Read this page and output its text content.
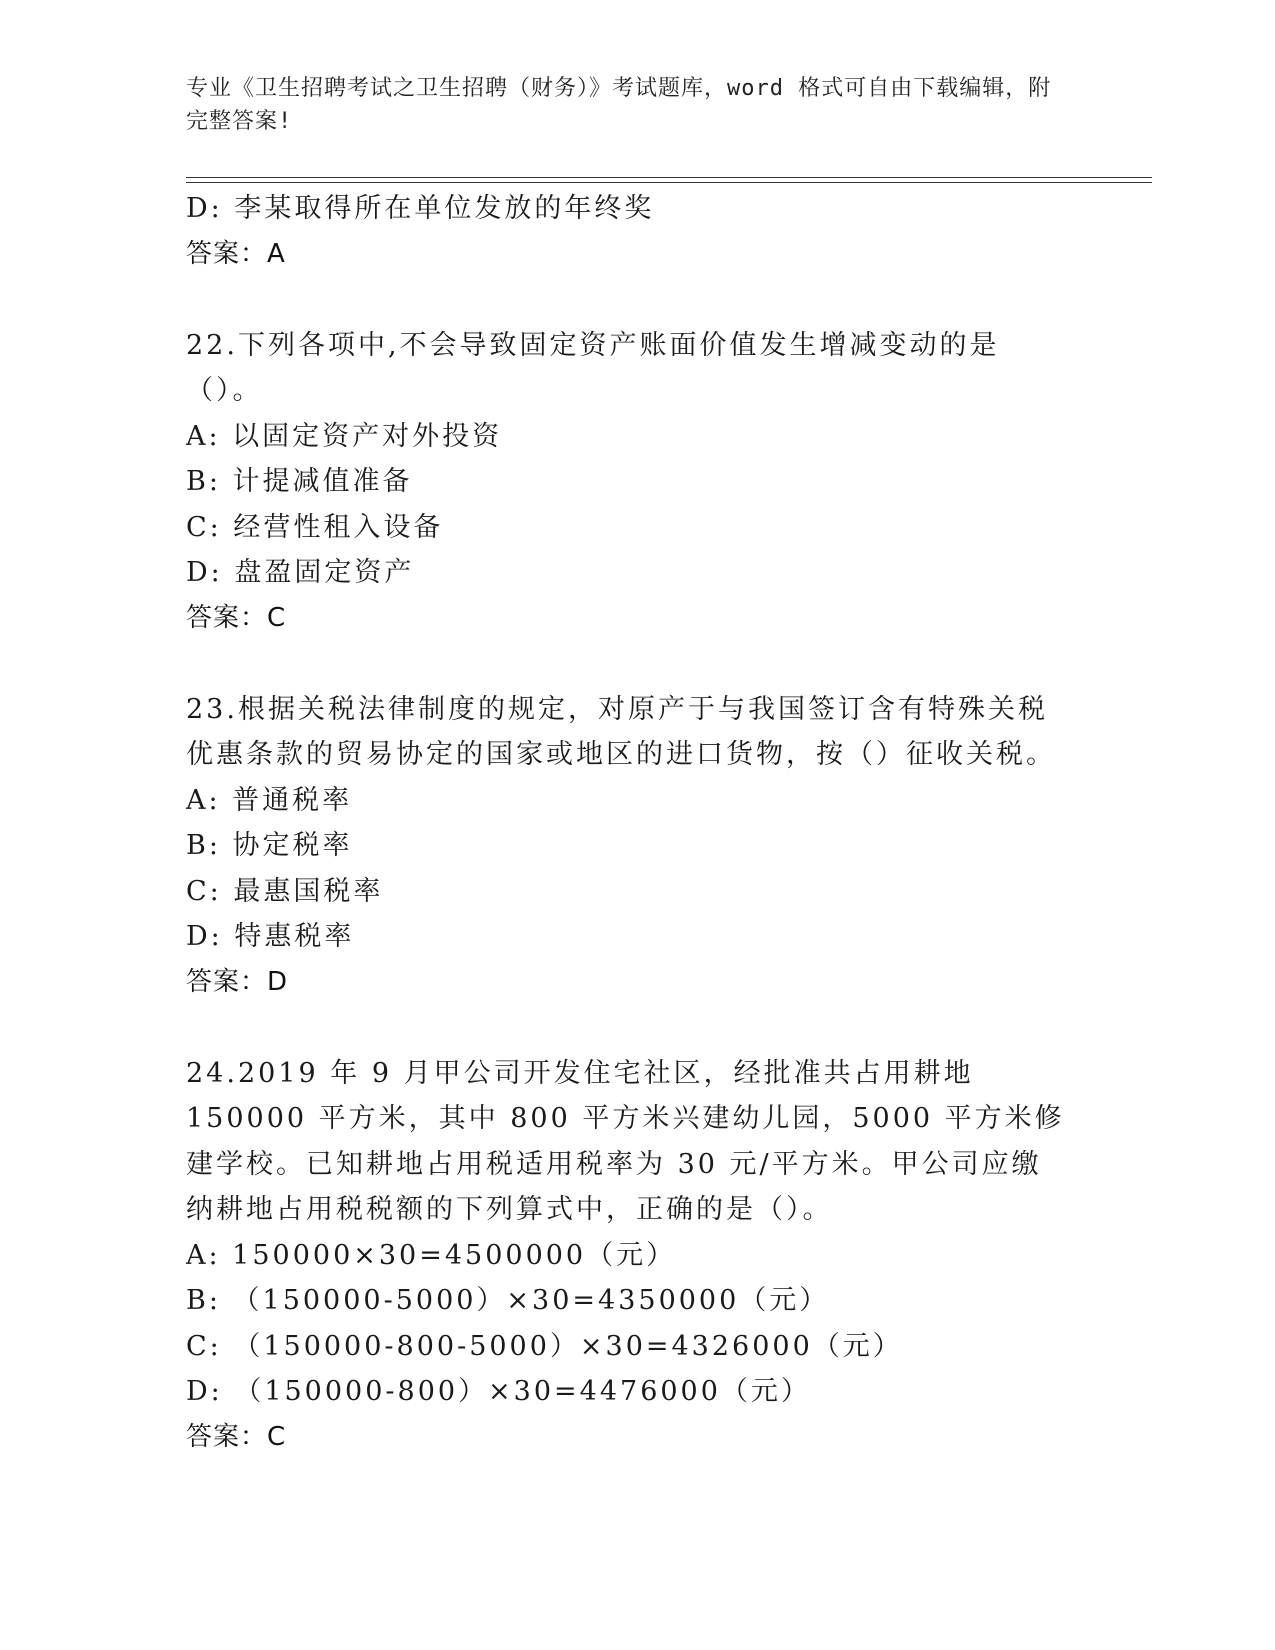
专业《卫生招聘考试之卫生招聘（财务）》考试题库，word 格式可自由下载编辑，附完整答案!
D: 李某取得所在单位发放的年终奖
答案：A
22.下列各项中,不会导致固定资产账面价值发生增减变动的是（）。
A: 以固定资产对外投资
B: 计提减值准备
C: 经营性租入设备
D: 盘盈固定资产
答案：C
23.根据关税法律制度的规定，对原产于与我国签订含有特殊关税优惠条款的贸易协定的国家或地区的进口货物，按（）征收关税。
A: 普通税率
B: 协定税率
C: 最惠国税率
D: 特惠税率
答案：D
24.2019 年 9 月甲公司开发住宅社区，经批准共占用耕地 150000 平方米，其中 800 平方米兴建幼儿园，5000 平方米修建学校。已知耕地占用税适用税率为 30 元/平方米。甲公司应缴纳耕地占用税税额的下列算式中，正确的是（）。
A: 150000×30=4500000（元）
B: （150000-5000）×30=4350000（元）
C: （150000-800-5000）×30=4326000（元）
D: （150000-800）×30=4476000（元）
答案：C
